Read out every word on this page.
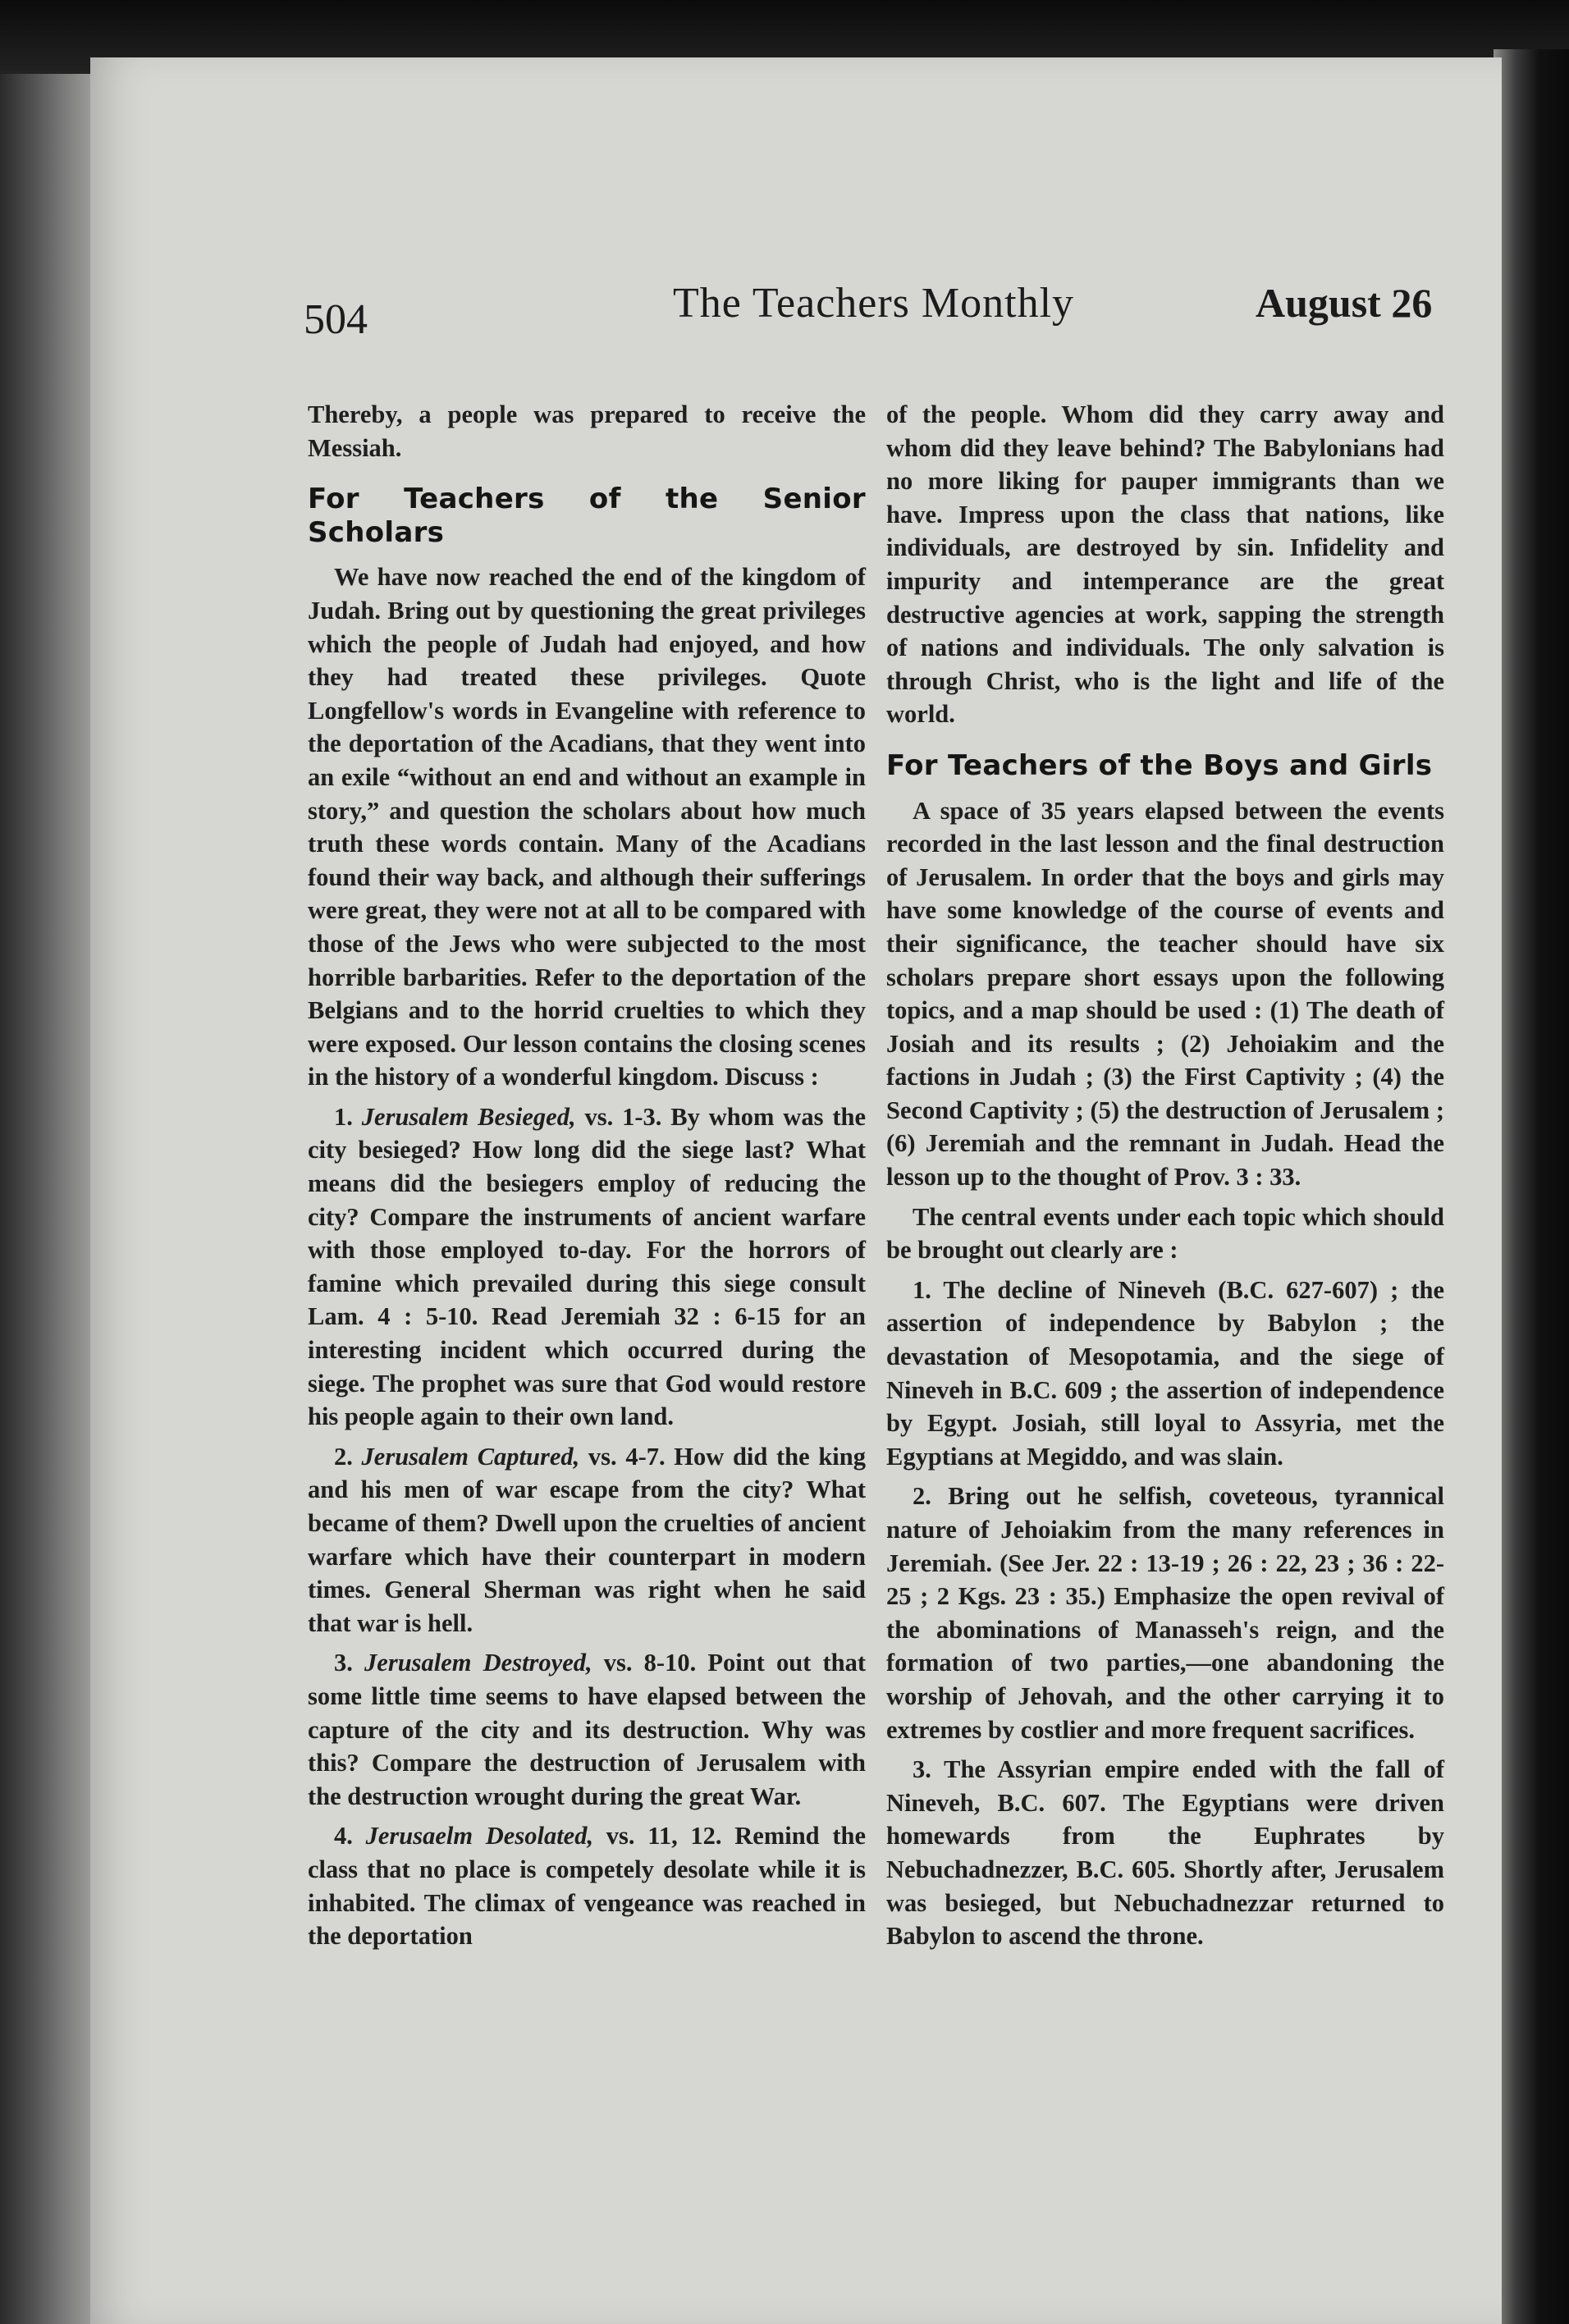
504	The Teachers Monthly	August 26

Thereby, a people was prepared to receive the Messiah.

For Teachers of the Senior Scholars

We have now reached the end of the kingdom of Judah. Bring out by questioning the great privileges which the people of Judah had enjoyed, and how they had treated these privileges. Quote Longfellow's words in Evangeline with reference to the deportation of the Acadians, that they went into an exile “without an end and without an example in story,” and question the scholars about how much truth these words contain. Many of the Acadians found their way back, and although their sufferings were great, they were not at all to be compared with those of the Jews who were subjected to the most horrible barbarities. Refer to the deportation of the Belgians and to the horrid cruelties to which they were exposed. Our lesson contains the closing scenes in the history of a wonderful kingdom. Discuss :

1. Jerusalem Besieged, vs. 1-3. By whom was the city besieged? How long did the siege last? What means did the besiegers employ of reducing the city? Compare the instruments of ancient warfare with those employed to-day. For the horrors of famine which prevailed during this siege consult Lam. 4 : 5-10. Read Jeremiah 32 : 6-15 for an interesting incident which occurred during the siege. The prophet was sure that God would restore his people again to their own land.

2. Jerusalem Captured, vs. 4-7. How did the king and his men of war escape from the city? What became of them? Dwell upon the cruelties of ancient warfare which have their counterpart in modern times. General Sherman was right when he said that war is hell.

3. Jerusalem Destroyed, vs. 8-10. Point out that some little time seems to have elapsed between the capture of the city and its destruction. Why was this? Compare the destruction of Jerusalem with the destruction wrought during the great War.

4. Jerusaelm Desolated, vs. 11, 12. Remind the class that no place is competely desolate while it is inhabited. The climax of vengeance was reached in the deportation

of the people. Whom did they carry away and whom did they leave behind? The Babylonians had no more liking for pauper immigrants than we have. Impress upon the class that nations, like individuals, are destroyed by sin. Infidelity and impurity and intemperance are the great destructive agencies at work, sapping the strength of nations and individuals. The only salvation is through Christ, who is the light and life of the world.

For Teachers of the Boys and Girls

A space of 35 years elapsed between the events recorded in the last lesson and the final destruction of Jerusalem. In order that the boys and girls may have some knowledge of the course of events and their significance, the teacher should have six scholars prepare short essays upon the following topics, and a map should be used : (1) The death of Josiah and its results ; (2) Jehoiakim and the factions in Judah ; (3) the First Captivity ; (4) the Second Captivity ; (5) the destruction of Jerusalem ; (6) Jeremiah and the remnant in Judah. Head the lesson up to the thought of Prov. 3 : 33.

The central events under each topic which should be brought out clearly are :

1. The decline of Nineveh (B.C. 627-607) ; the assertion of independence by Babylon ; the devastation of Mesopotamia, and the siege of Nineveh in B.C. 609 ; the assertion of independence by Egypt. Josiah, still loyal to Assyria, met the Egyptians at Megiddo, and was slain.

2. Bring out he selfish, coveteous, tyrannical nature of Jehoiakim from the many references in Jeremiah. (See Jer. 22 : 13-19 ; 26 : 22, 23 ; 36 : 22-25 ; 2 Kgs. 23 : 35.) Emphasize the open revival of the abominations of Manasseh's reign, and the formation of two parties,—one abandoning the worship of Jehovah, and the other carrying it to extremes by costlier and more frequent sacrifices.

3. The Assyrian empire ended with the fall of Nineveh, B.C. 607. The Egyptians were driven homewards from the Euphrates by Nebuchadnezzer, B.C. 605. Shortly after, Jerusalem was besieged, but Nebuchadnezzar returned to Babylon to ascend the throne.
